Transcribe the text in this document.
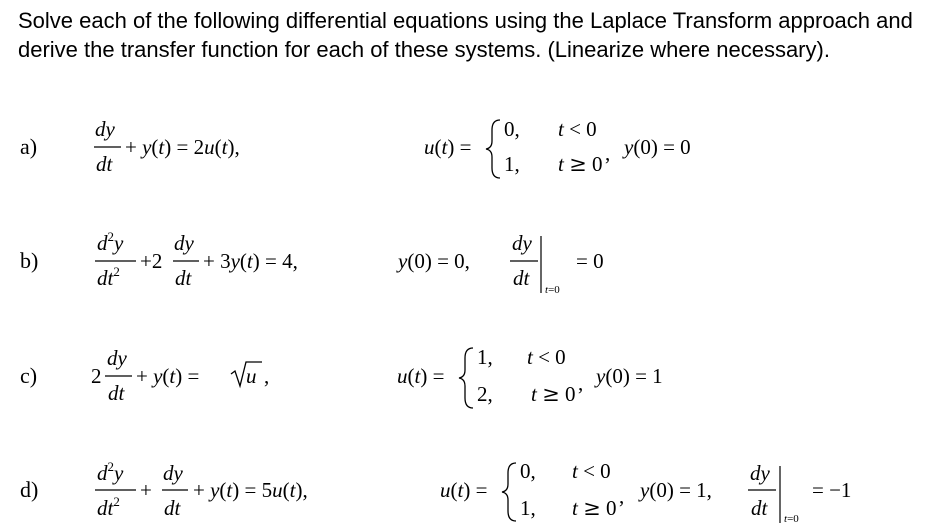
Solve each of the following differential equations using the Laplace Transform approach and derive the transfer function for each of these systems. (Linearize where necessary).
a)
dy
dt
+ y(t) = 2u(t),	u(t) =
0,
1,
t < 0
t ≥ 0 , y(0) = 0
b)
$d^2y$
$dt^2 +2$
dy
dt
+ 3y(t) = 4,	y(0) = 0,
dy
dt t=0
= 0
c)	2
dy
dt
+ y(t) = u ,	u(t) =
1,
2,
t < 0
t ≥ 0 , y(0) = 1
d)
$d^2y$
$dt^2$ +
dy
dt
+ y(t) = 5u(t),	u(t) =
0,
1,
t < 0
t ≥ 0 , y(0) = 1,
dy
dt t=0
= −1
